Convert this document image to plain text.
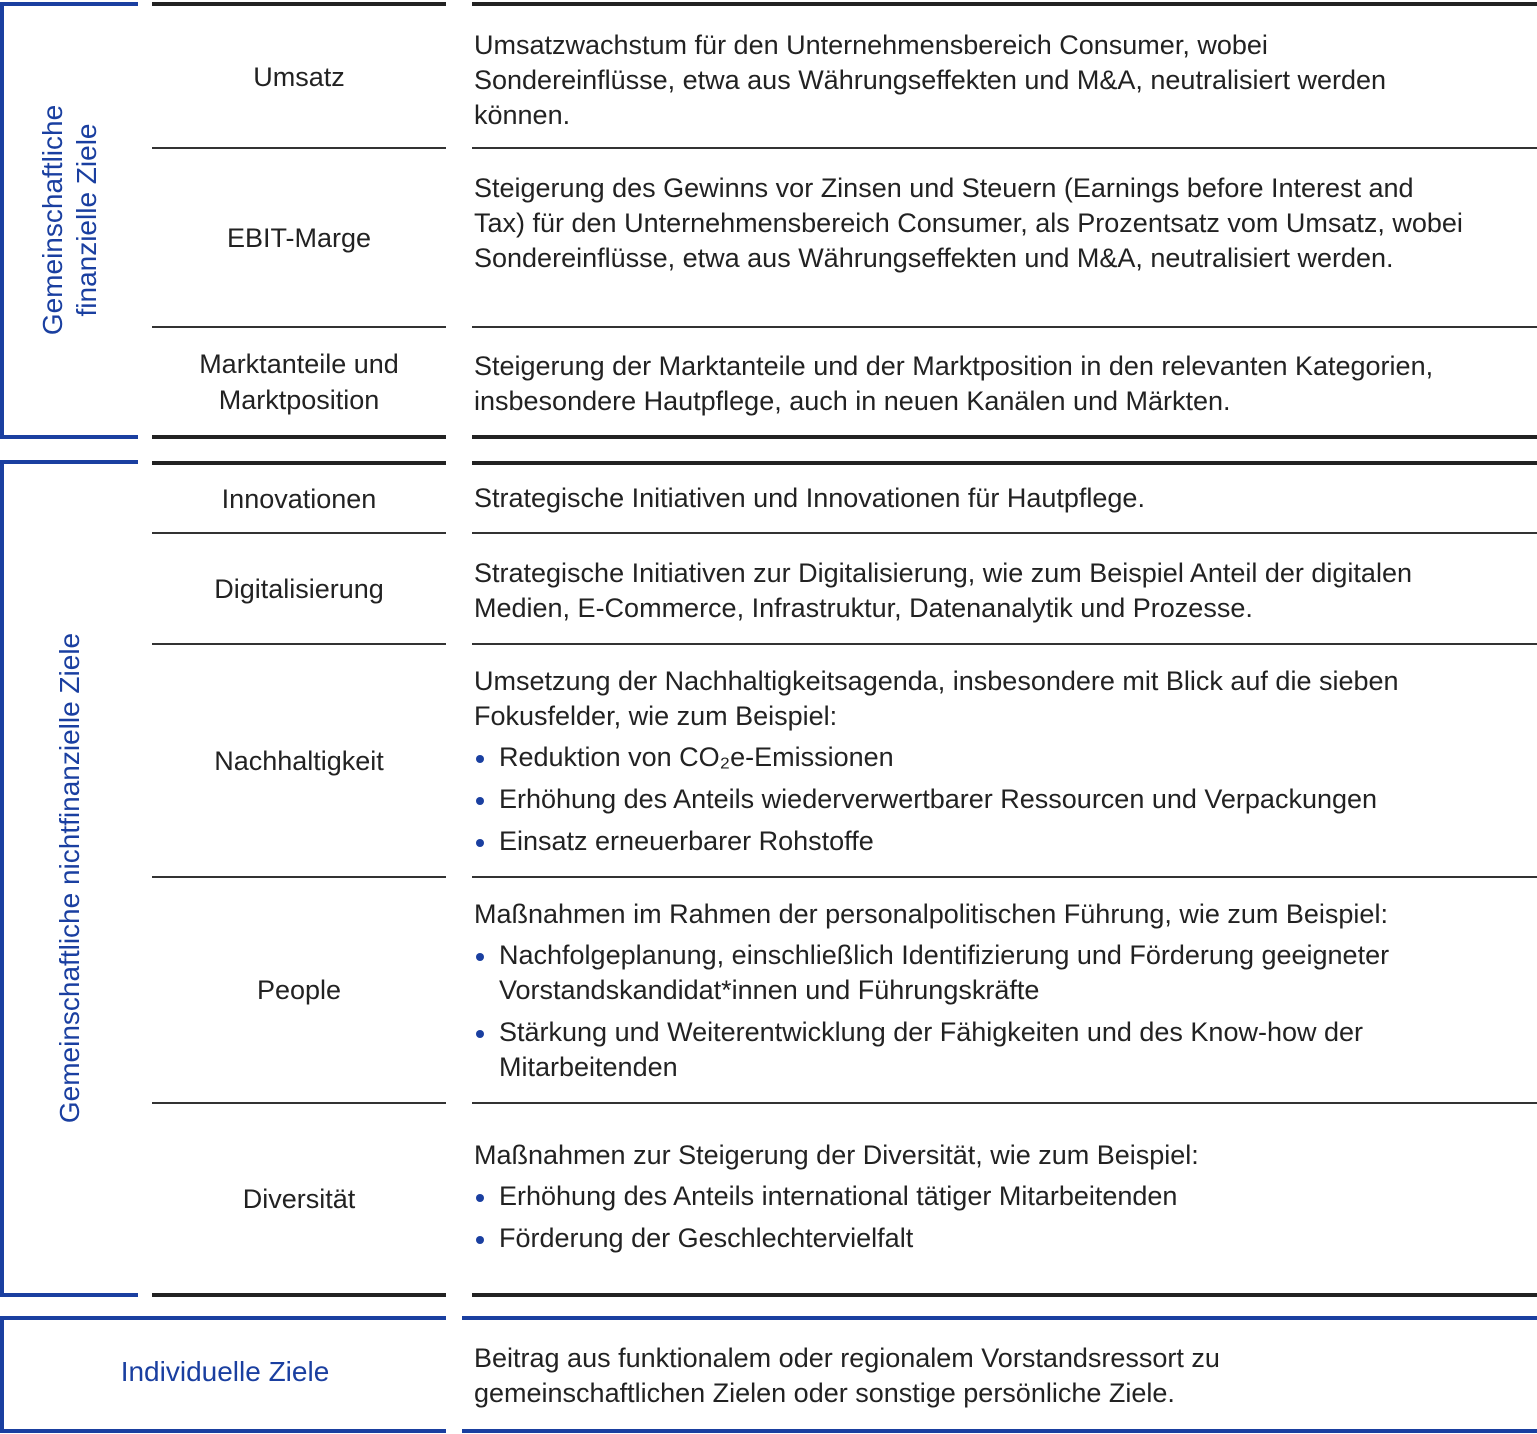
Gemeinschaftliche
finanzielle Ziele
Gemeinschaftliche nichtfinanzielle Ziele
Individuelle Ziele
Umsatz
EBIT-Marge
Marktanteile und Marktposition
Innovationen
Digitalisierung
Nachhaltigkeit
People
Diversität

Umsatzwachstum für den Unternehmensbereich Consumer, wobei Sondereinflüsse, etwa aus Währungseffekten und M&A, neutralisiert werden können.

Steigerung des Gewinns vor Zinsen und Steuern (Earnings before Interest and Tax) für den Unternehmensbereich Consumer, als Prozentsatz vom Umsatz, wobei Sondereinflüsse, etwa aus Währungseffekten und M&A, neutralisiert werden.

Steigerung der Marktanteile und der Marktposition in den relevanten Kategorien, insbesondere Hautpflege, auch in neuen Kanälen und Märkten.

Strategische Initiativen und Innovationen für Hautpflege.

Strategische Initiativen zur Digitalisierung, wie zum Beispiel Anteil der digitalen Medien, E-Commerce, Infrastruktur, Datenanalytik und Prozesse.

Umsetzung der Nachhaltigkeitsagenda, insbesondere mit Blick auf die sieben Fokusfelder, wie zum Beispiel:

Reduktion von CO₂e-Emissionen
Erhöhung des Anteils wiederverwertbarer Ressourcen und Verpackungen
Einsatz erneuerbarer Rohstoffe

Maßnahmen im Rahmen der personalpolitischen Führung, wie zum Beispiel:

Nachfolgeplanung, einschließlich Identifizierung und Förderung geeigneter Vorstandskandidat*innen und Führungskräfte
Stärkung und Weiterentwicklung der Fähigkeiten und des Know-how der Mitarbeitenden

Maßnahmen zur Steigerung der Diversität, wie zum Beispiel:

Erhöhung des Anteils international tätiger Mitarbeitenden
Förderung der Geschlechtervielfalt

Beitrag aus funktionalem oder regionalem Vorstandsressort zu gemeinschaftlichen Zielen oder sonstige persönliche Ziele.
